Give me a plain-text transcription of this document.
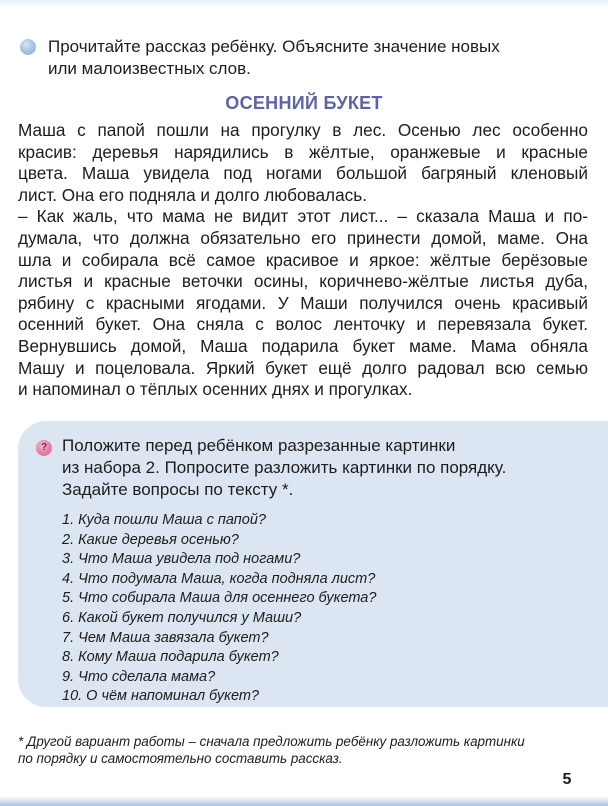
Прочитайте рассказ ребёнку. Объясните значение новых
или малоизвестных слов.
ОСЕННИЙ БУКЕТ
Маша с папой пошли на прогулку в лес. Осенью лес особенно
красив: деревья нарядились в жёлтые, оранжевые и красные
цвета. Маша увидела под ногами большой багряный кленовый
лист. Она его подняла и долго любовалась.
– Как жаль, что мама не видит этот лист... – сказала Маша и по-
думала, что должна обязательно его принести домой, маме. Она
шла и собирала всё самое красивое и яркое: жёлтые берёзовые
листья и красные веточки осины, коричнево-жёлтые листья дуба,
рябину с красными ягодами. У Маши получился очень красивый
осенний букет. Она сняла с волос ленточку и перевязала букет.
Вернувшись домой, Маша подарила букет маме. Мама обняла
Машу и поцеловала. Яркий букет ещё долго радовал всю семью
и напоминал о тёплых осенних днях и прогулках.
? Положите перед ребёнком разрезанные картинки
из набора 2. Попросите разложить картинки по порядку.
Задайте вопросы по тексту *.
1. Куда пошли Маша с папой?
2. Какие деревья осенью?
3. Что Маша увидела под ногами?
4. Что подумала Маша, когда подняла лист?
5. Что собирала Маша для осеннего букета?
6. Какой букет получился у Маши?
7. Чем Маша завязала букет?
8. Кому Маша подарила букет?
9. Что сделала мама?
10. О чём напоминал букет?
* Другой вариант работы – сначала предложить ребёнку разложить картинки
по порядку и самостоятельно составить рассказ.
5
